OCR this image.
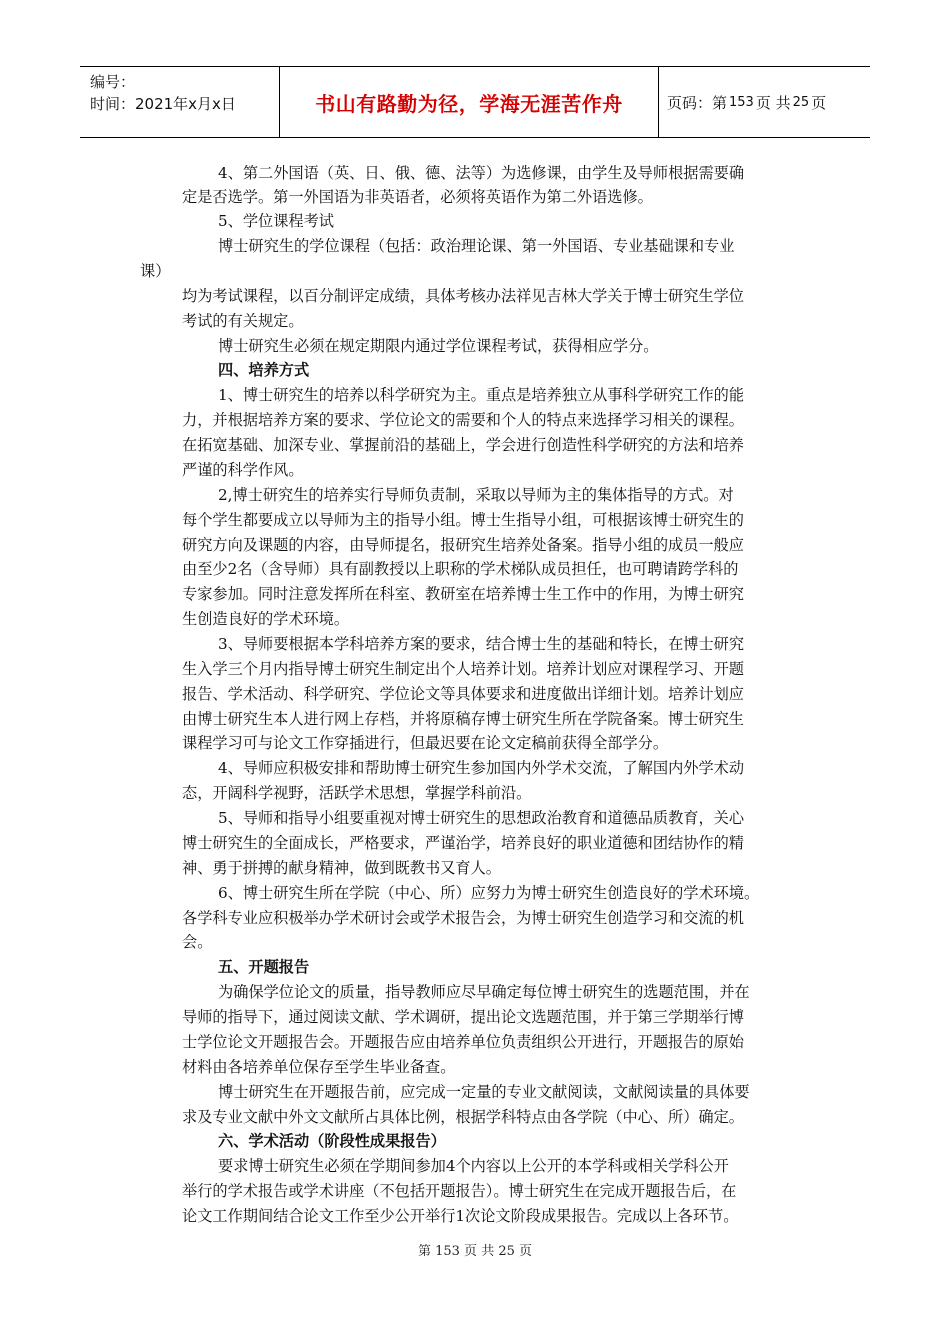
编号：
时间：2021年x月x日	书山有路勤为径，学海无涯苦作舟	页码：第 153 页 共 25 页
4、第二外国语（英、日、俄、德、法等）为选修课，由学生及导师根据需要确
定是否选学。第一外国语为非英语者，必须将英语作为第二外语选修。
5、学位课程考试
博士研究生的学位课程（包括：政治理论课、第一外国语、专业基础课和专业
课）
均为考试课程，以百分制评定成绩，具体考核办法祥见吉林大学关于博士研究生学位
考试的有关规定。
博士研究生必须在规定期限内通过学位课程考试，获得相应学分。
四、培养方式
1、博士研究生的培养以科学研究为主。重点是培养独立从事科学研究工作的能
力，并根据培养方案的要求、学位论文的需要和个人的特点来选择学习相关的课程。
在拓宽基础、加深专业、掌握前沿的基础上，学会进行创造性科学研究的方法和培养
严谨的科学作风。
2,博士研究生的培养实行导师负责制，采取以导师为主的集体指导的方式。对
每个学生都要成立以导师为主的指导小组。博士生指导小组，可根据该博士研究生的
研究方向及课题的内容，由导师提名，报研究生培养处备案。指导小组的成员一般应
由至少2名（含导师）具有副教授以上职称的学术梯队成员担任，也可聘请跨学科的
专家参加。同时注意发挥所在科室、教研室在培养博士生工作中的作用，为博士研究
生创造良好的学术环境。
3、导师要根据本学科培养方案的要求，结合博士生的基础和特长，在博士研究
生入学三个月内指导博士研究生制定出个人培养计划。培养计划应对课程学习、开题
报告、学术活动、科学研究、学位论文等具体要求和进度做出详细计划。培养计划应
由博士研究生本人进行网上存档，并将原稿存博士研究生所在学院备案。博士研究生
课程学习可与论文工作穿插进行，但最迟要在论文定稿前获得全部学分。
4、导师应积极安排和帮助博士研究生参加国内外学术交流，了解国内外学术动
态，开阔科学视野，活跃学术思想，掌握学科前沿。
5、导师和指导小组要重视对博士研究生的思想政治教育和道德品质教育，关心
博士研究生的全面成长，严格要求，严谨治学，培养良好的职业道德和团结协作的精
神、勇于拼搏的献身精神，做到既教书又育人。
6、博士研究生所在学院（中心、所）应努力为博士研究生创造良好的学术环境。
各学科专业应积极举办学术研讨会或学术报告会，为博士研究生创造学习和交流的机
会。
五、开题报告
为确保学位论文的质量，指导教师应尽早确定每位博士研究生的选题范围，并在
导师的指导下，通过阅读文献、学术调研，提出论文选题范围，并于第三学期举行博
士学位论文开题报告会。开题报告应由培养单位负责组织公开进行，开题报告的原始
材料由各培养单位保存至学生毕业备查。
博士研究生在开题报告前，应完成一定量的专业文献阅读，文献阅读量的具体要
求及专业文献中外文文献所占具体比例，根据学科特点由各学院（中心、所）确定。
六、学术活动（阶段性成果报告）
要求博士研究生必须在学期间参加4个内容以上公开的本学科或相关学科公开
举行的学术报告或学术讲座（不包括开题报告）。博士研究生在完成开题报告后，在
论文工作期间结合论文工作至少公开举行1次论文阶段成果报告。完成以上各环节。
第 153 页 共 25 页
